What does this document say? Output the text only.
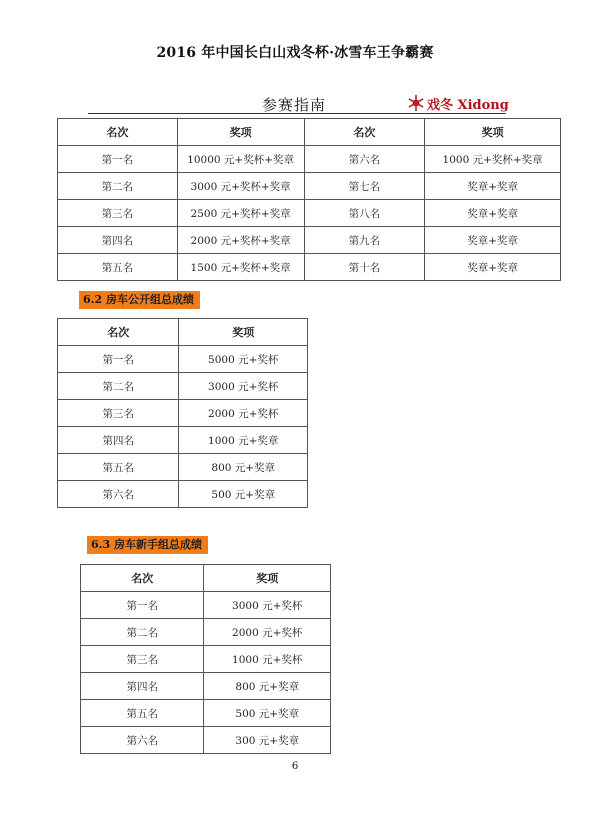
2016 年中国长白山戏冬杯·冰雪车王争霸赛
参赛指南	戏冬 Xidong
名次	奖项	名次	奖项
第一名	10000 元+奖杯+奖章	第六名	1000 元+奖杯+奖章
第二名	3000 元+奖杯+奖章	第七名	奖章+奖章
第三名	2500 元+奖杯+奖章	第八名	奖章+奖章
第四名	2000 元+奖杯+奖章	第九名	奖章+奖章
第五名	1500 元+奖杯+奖章	第十名	奖章+奖章
6.2 房车公开组总成绩
名次	奖项
第一名	5000 元+奖杯
第二名	3000 元+奖杯
第三名	2000 元+奖杯
第四名	1000 元+奖章
第五名	800 元+奖章
第六名	500 元+奖章
6.3 房车新手组总成绩
名次	奖项
第一名	3000 元+奖杯
第二名	2000 元+奖杯
第三名	1000 元+奖杯
第四名	800 元+奖章
第五名	500 元+奖章
第六名	300 元+奖章
6
